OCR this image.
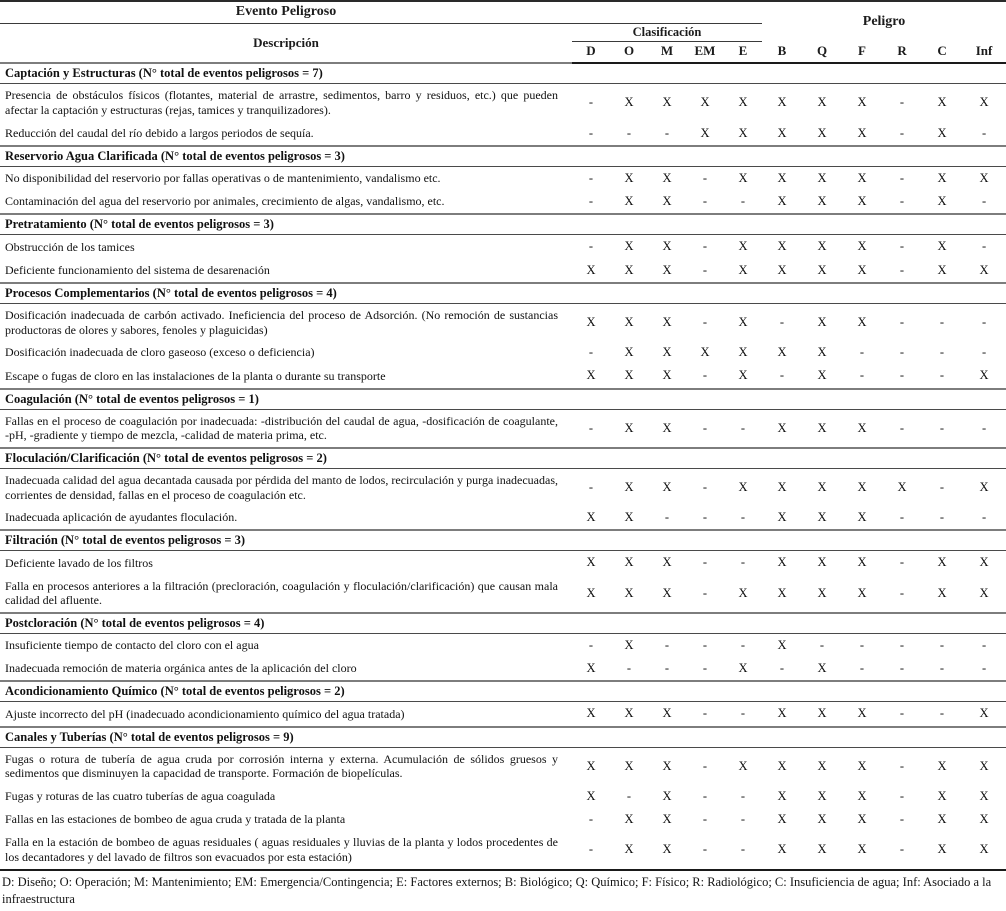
Evento Peligroso						Peligro					
Descripción	Clasificación										
	D	O	M	EM	E	B	Q	F	R	C	Inf
Captación y Estructuras (N° total de eventos peligrosos = 7)											
Presencia de obstáculos físicos (flotantes, material de arrastre, sedimentos, barro y residuos, etc.) que pueden afectar la captación y estructuras (rejas, tamices y tranquilizadores).	-	X	X	X	X	X	X	X	-	X	X
Reducción del caudal del río debido a largos periodos de sequía.	-	-	-	X	X	X	X	X	-	X	-
Reservorio Agua Clarificada (N° total de eventos peligrosos = 3)											
No disponibilidad del reservorio por fallas operativas o de mantenimiento, vandalismo etc.	-	X	X	-	X	X	X	X	-	X	X
Contaminación del agua del reservorio por animales, crecimiento de algas, vandalismo, etc.	-	X	X	-	-	X	X	X	-	X	-
Pretratamiento (N° total de eventos peligrosos = 3)											
Obstrucción de los tamices	-	X	X	-	X	X	X	X	-	X	-
Deficiente funcionamiento del sistema de desarenación	X	X	X	-	X	X	X	X	-	X	X
Procesos Complementarios (N° total de eventos peligrosos = 4)											
Dosificación inadecuada de carbón activado. Ineficiencia del proceso de Adsorción. (No remoción de sustancias productoras de olores y sabores, fenoles y plaguicidas)	X	X	X	-	X	-	X	X	-	-	-
Dosificación inadecuada de cloro gaseoso (exceso o deficiencia)	-	X	X	X	X	X	X	-	-	-	-
Escape o fugas de cloro en las instalaciones de la planta o durante su transporte	X	X	X	-	X	-	X	-	-	-	X
Coagulación (N° total de eventos peligrosos = 1)											
Fallas en el proceso de coagulación por inadecuada: -distribución del caudal de agua, -dosificación de coagulante, -pH, -gradiente y tiempo de mezcla, -calidad de materia prima, etc.	-	X	X	-	-	X	X	X	-	-	-
Floculación/Clarificación (N° total de eventos peligrosos = 2)											
Inadecuada calidad del agua decantada causada por pérdida del manto de lodos, recirculación y purga inadecuadas, corrientes de densidad, fallas en el proceso de coagulación etc.	-	X	X	-	X	X	X	X	X	-	X
Inadecuada aplicación de ayudantes floculación.	X	X	-	-	-	X	X	X	-	-	-
Filtración (N° total de eventos peligrosos = 3)											
Deficiente lavado de los filtros	X	X	X	-	-	X	X	X	-	X	X
Falla en procesos anteriores a la filtración (precloración, coagulación y floculación/clarificación) que causan mala calidad del afluente.	X	X	X	-	X	X	X	X	-	X	X
Postcloración (N° total de eventos peligrosos = 4)											
Insuficiente tiempo de contacto del cloro con el agua	-	X	-	-	-	X	-	-	-	-	-
Inadecuada remoción de materia orgánica antes de la aplicación del cloro	X	-	-	-	X	-	X	-	-	-	-
Acondicionamiento Químico (N° total de eventos peligrosos = 2)											
Ajuste incorrecto del pH (inadecuado acondicionamiento químico del agua tratada)	X	X	X	-	-	X	X	X	-	-	X
Canales y Tuberías (N° total de eventos peligrosos = 9)											
Fugas o rotura de tubería de agua cruda por corrosión interna y externa. Acumulación de sólidos gruesos y sedimentos que disminuyen la capacidad de transporte. Formación de biopelículas.	X	X	X	-	X	X	X	X	-	X	X
Fugas y roturas de las cuatro tuberías de agua coagulada	X	-	X	-	-	X	X	X	-	X	X
Fallas en las estaciones de bombeo de agua cruda y tratada de la planta	-	X	X	-	-	X	X	X	-	X	X
Falla en la estación de bombeo de aguas residuales ( aguas residuales y lluvias de la planta y lodos procedentes de los decantadores y del lavado de filtros son evacuados por esta estación)	-	X	X	-	-	X	X	X	-	X	X
D: Diseño; O: Operación; M: Mantenimiento; EM: Emergencia/Contingencia; E: Factores externos; B: Biológico; Q: Químico; F: Físico; R: Radiológico; C: Insuficiencia de agua; Inf: Asociado a la infraestructura
